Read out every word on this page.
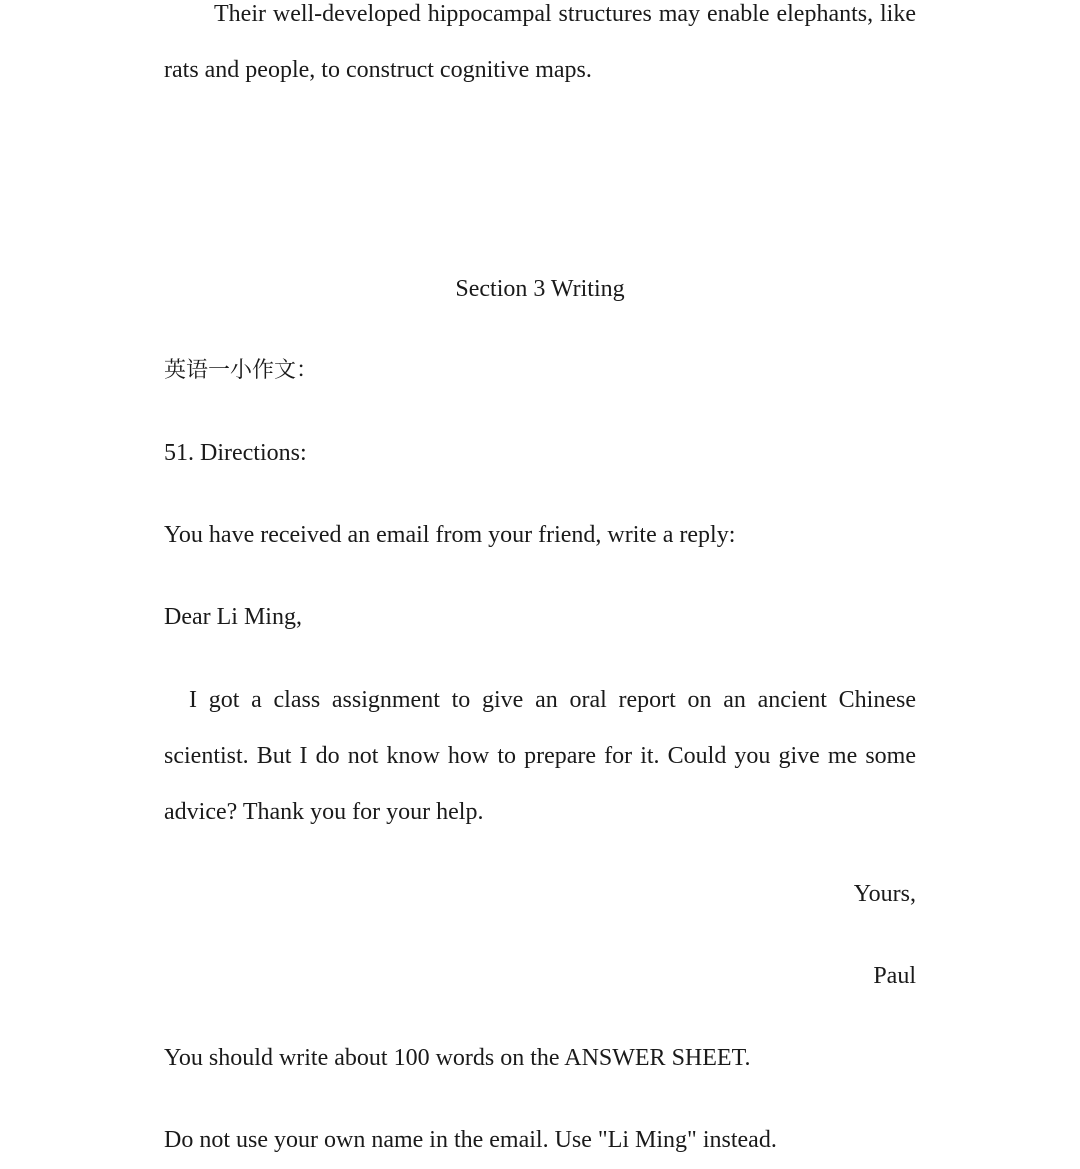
Their well-developed hippocampal structures may enable elephants, like rats and people, to construct cognitive maps.
Section 3 Writing
英语一小作文：
51. Directions:
You have received an email from your friend, write a reply:
Dear Li Ming,
I got a class assignment to give an oral report on an ancient Chinese scientist. But I do not know how to prepare for it. Could you give me some advice? Thank you for your help.
Yours,
Paul
You should write about 100 words on the ANSWER SHEET.
Do not use your own name in the email. Use "Li Ming" instead.
